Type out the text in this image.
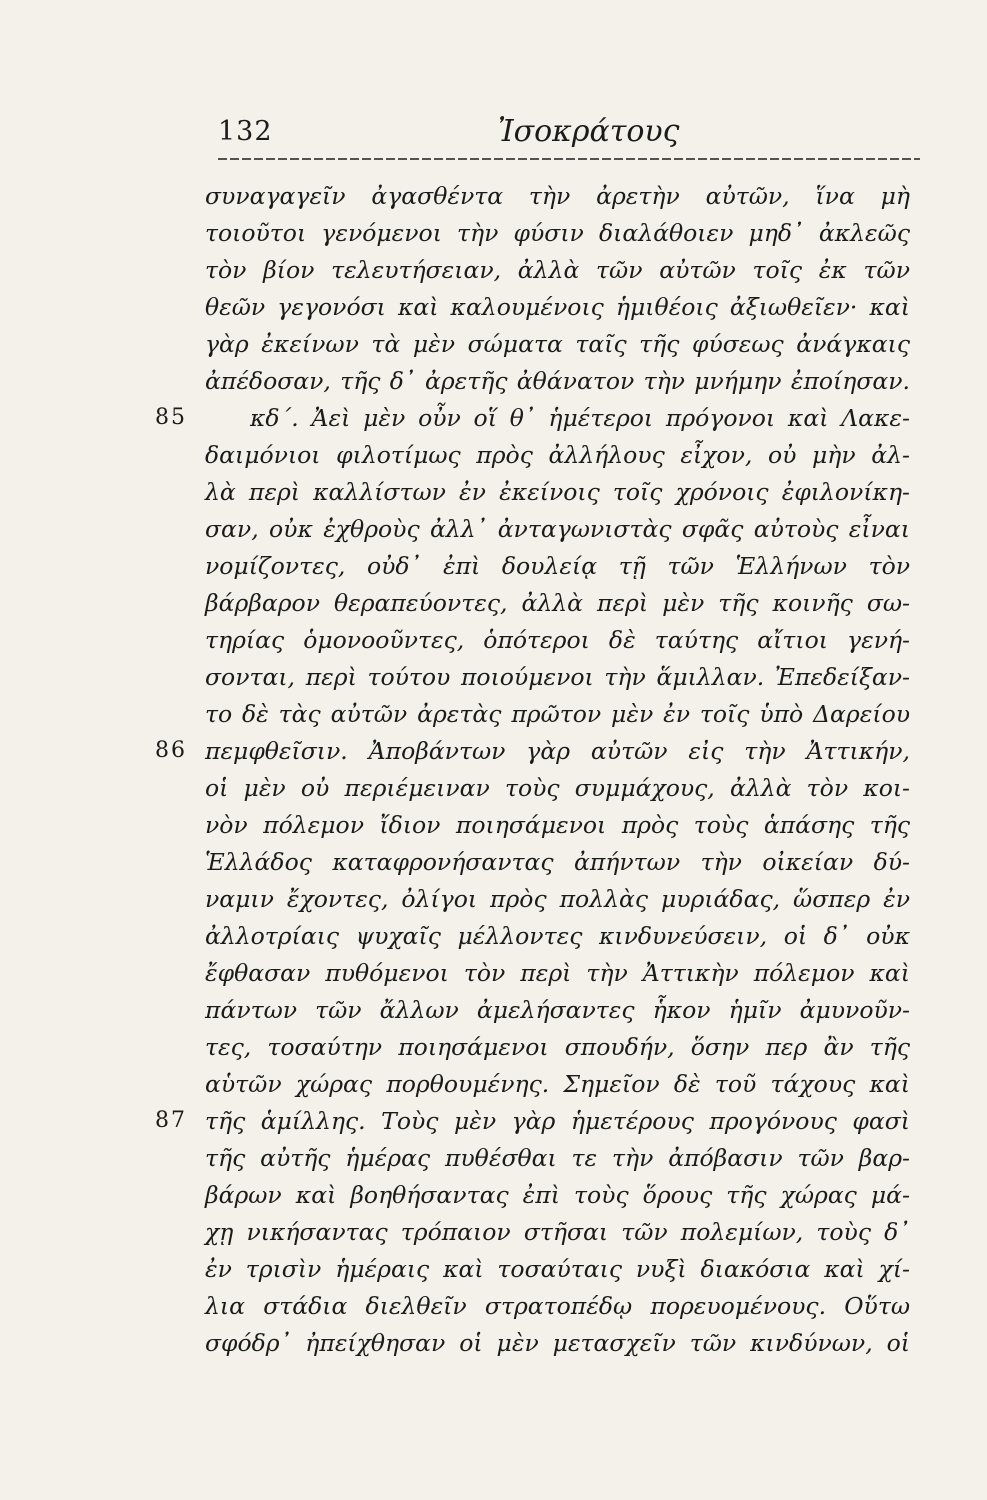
132	Ἰσοκράτους
συναγαγεῖν ἀγασθέντα τὴν ἀρετὴν αὐτῶν, ἵνα μὴ
τοιοῦτοι γενόμενοι τὴν φύσιν διαλάθοιεν μηδ᾽ ἀκλεῶς
τὸν βίον τελευτήσειαν, ἀλλὰ τῶν αὐτῶν τοῖς ἐκ τῶν
θεῶν γεγονόσι καὶ καλουμένοις ἡμιθέοις ἀξιωθεῖεν· καὶ
γὰρ ἐκείνων τὰ μὲν σώματα ταῖς τῆς φύσεως ἀνάγκαις
ἀπέδοσαν, τῆς δ᾽ ἀρετῆς ἀθάνατον τὴν μνήμην ἐποίησαν.
85	κδ΄. Ἀεὶ μὲν οὖν οἵ θ᾽ ἡμέτεροι πρόγονοι καὶ Λακε-
δαιμόνιοι φιλοτίμως πρὸς ἀλλήλους εἶχον, οὐ μὴν ἀλ-
λὰ περὶ καλλίστων ἐν ἐκείνοις τοῖς χρόνοις ἐφιλονίκη-
σαν, οὐκ ἐχθροὺς ἀλλ᾽ ἀνταγωνιστὰς σφᾶς αὐτοὺς εἶναι
νομίζοντες, οὐδ᾽ ἐπὶ δουλείᾳ τῇ τῶν Ἑλλήνων τὸν
βάρβαρον θεραπεύοντες, ἀλλὰ περὶ μὲν τῆς κοινῆς σω-
τηρίας ὁμονοοῦντες, ὁπότεροι δὲ ταύτης αἴτιοι γενή-
σονται, περὶ τούτου ποιούμενοι τὴν ἅμιλλαν. Ἐπεδείξαν-
το δὲ τὰς αὐτῶν ἀρετὰς πρῶτον μὲν ἐν τοῖς ὑπὸ Δαρείου
86 πεμφθεῖσιν. Ἀποβάντων γὰρ αὐτῶν εἰς τὴν Ἀττικήν,
οἱ μὲν οὐ περιέμειναν τοὺς συμμάχους, ἀλλὰ τὸν κοι-
νὸν πόλεμον ἴδιον ποιησάμενοι πρὸς τοὺς ἁπάσης τῆς
Ἑλλάδος καταφρονήσαντας ἀπήντων τὴν οἰκείαν δύ-
ναμιν ἔχοντες, ὀλίγοι πρὸς πολλὰς μυριάδας, ὥσπερ ἐν
ἀλλοτρίαις ψυχαῖς μέλλοντες κινδυνεύσειν, οἱ δ᾽ οὐκ
ἔφθασαν πυθόμενοι τὸν περὶ τὴν Ἀττικὴν πόλεμον καὶ
πάντων τῶν ἄλλων ἀμελήσαντες ἧκον ἡμῖν ἀμυνοῦν-
τες, τοσαύτην ποιησάμενοι σπουδήν, ὅσην περ ἂν τῆς
αὑτῶν χώρας πορθουμένης. Σημεῖον δὲ τοῦ τάχους καὶ
87 τῆς ἁμίλλης. Τοὺς μὲν γὰρ ἡμετέρους προγόνους φασὶ
τῆς αὐτῆς ἡμέρας πυθέσθαι τε τὴν ἀπόβασιν τῶν βαρ-
βάρων καὶ βοηθήσαντας ἐπὶ τοὺς ὅρους τῆς χώρας μά-
χῃ νικήσαντας τρόπαιον στῆσαι τῶν πολεμίων, τοὺς δ᾽
ἐν τρισὶν ἡμέραις καὶ τοσαύταις νυξὶ διακόσια καὶ χί-
λια στάδια διελθεῖν στρατοπέδῳ πορευομένους. Οὕτω
σφόδρ᾽ ἠπείχθησαν οἱ μὲν μετασχεῖν τῶν κινδύνων, οἱ
